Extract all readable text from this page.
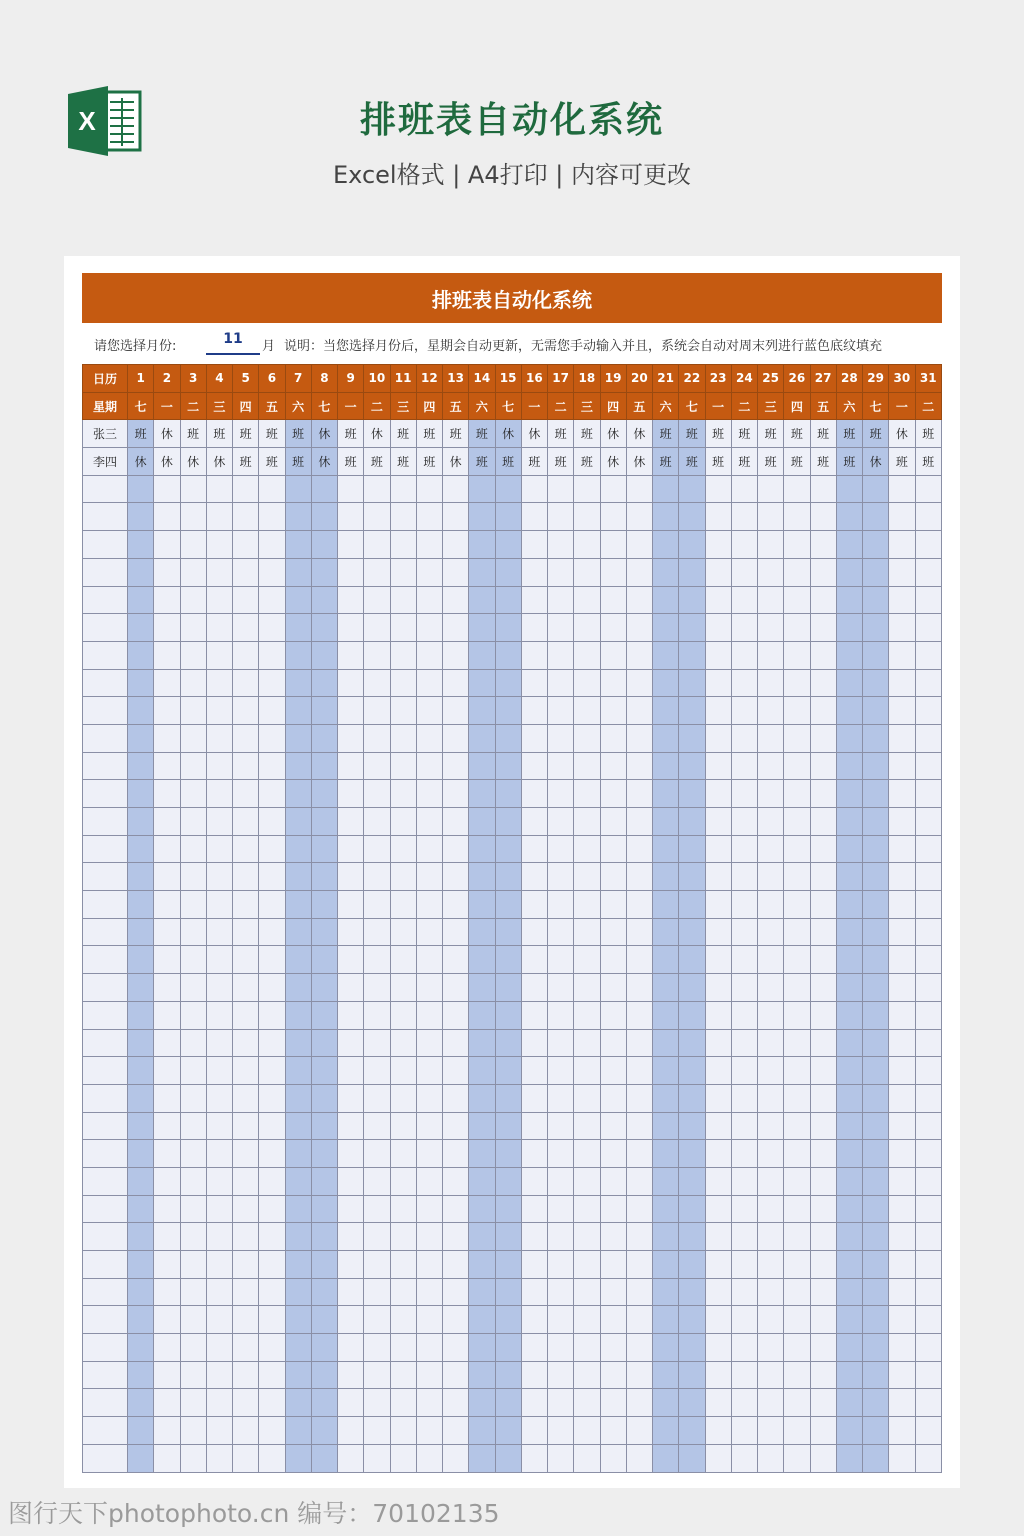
X	排班表自动化系统
Excel格式 | A4打印 | 内容可更改
排班表自动化系统
请您选择月份:	11	月 说明：当您选择月份后，星期会自动更新，无需您手动输入并且，系统会自动对周末列进行蓝色底纹填充
日历	1	2	3	4	5	6	7	8	9	10	11	12	13	14	15	16	17	18	19	20	21	22	23	24	25	26	27	28	29	30	31
星期	七	一	二	三	四	五	六	七	一	二	三	四	五	六	七	一	二	三	四	五	六	七	一	二	三	四	五	六	七	一	二
张三	班	休	班	班	班	班	班	休	班	休	班	班	班	班	休	休	班	班	休	休	班	班	班	班	班	班	班	班	班	休	班
李四	休	休	休	休	班	班	班	休	班	班	班	班	休	班	班	班	班	班	休	休	班	班	班	班	班	班	班	班	休	班	班

图行天下photophoto.cn 编号：70102135
